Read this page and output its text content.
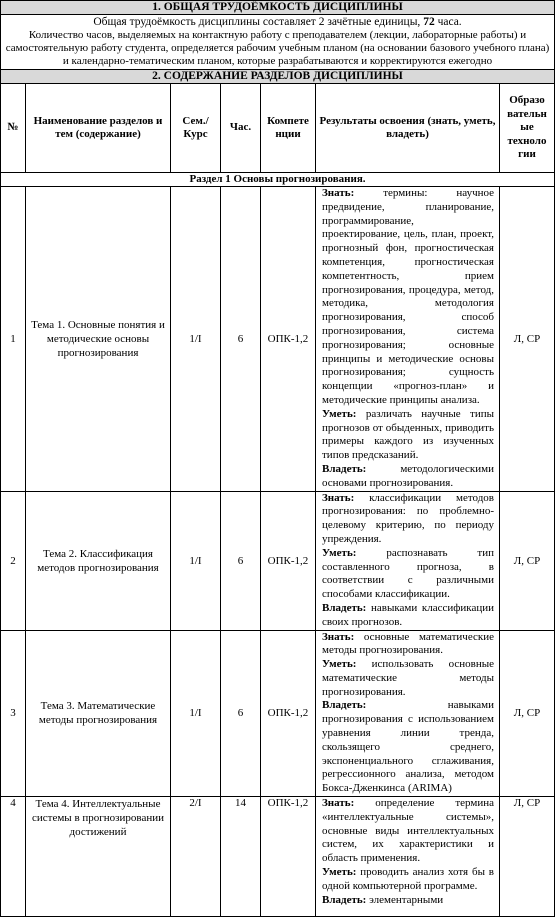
1. ОБЩАЯ ТРУДОЁМКОСТЬ ДИСЦИПЛИНЫ						

Общая трудоёмкость дисциплины составляет 2 зачётные единицы, 72 часа.
Количество часов, выделяемых на контактную работу с преподавателем (лекции, лабораторные работы) и самостоятельную работу студента, определяется рабочим учебным планом (на основании базового учебного плана) и календарно-тематическим планом, которые разрабатываются и корректируются ежегодно						

2. СОДЕРЖАНИЕ РАЗДЕЛОВ ДИСЦИПЛИНЫ						
№	Наименование разделов и тем (содержание)	Сем./ Курс	Час.	Компете нции	Результаты освоения (знать, уметь, владеть)	Образо вательн ые техноло гии
Раздел 1 Основы прогнозирования.						
1	Тема 1. Основные понятия и методические основы прогнозирования	1/I	6	ОПК-1,2	Знать: термины: научное предвидение, планирование, программирование, проектирование, цель, план, проект, прогнозный фон, прогностическая компетенция, прогностическая компетентность, прием прогнозирования, процедура, метод, методика, методология прогнозирования, способ прогнозирования, система прогнозирования; основные принципы и методические основы прогнозирования; сущность концепции «прогноз-план» и методические принципы анализа.

Уметь: различать научные типы прогнозов от обыденных, приводить примеры каждого из изученных типов предсказаний.

Владеть: методологическими основами прогнозирования.	Л, СР
2	Тема 2. Классификация методов прогнозирования	1/I	6	ОПК-1,2	Знать: классификации методов прогнозирования: по проблемно-целевому критерию, по периоду упреждения.

Уметь: распознавать тип составленного прогноза, в соответствии с различными способами классификации.

Владеть: навыками классификации своих прогнозов.	Л, СР
3	Тема 3. Математические методы прогнозирования	1/I	6	ОПК-1,2	Знать: основные математические методы прогнозирования.

Уметь: использовать основные математические методы прогнозирования.

Владеть: навыками прогнозирования с использованием уравнения линии тренда, скользящего среднего, экспоненциального сглаживания, регрессионного анализа, методом Бокса-Дженкинса (ARIMA)	Л, СР
4	Тема 4. Интеллектуальные системы в прогнозировании достижений	2/I	14	ОПК-1,2	Знать: определение термина «интеллектуальные системы», основные виды интеллектуальных систем, их характеристики и область применения.

Уметь: проводить анализ хотя бы в одной компьютерной программе.

Владеть: элементарными	Л, СР
